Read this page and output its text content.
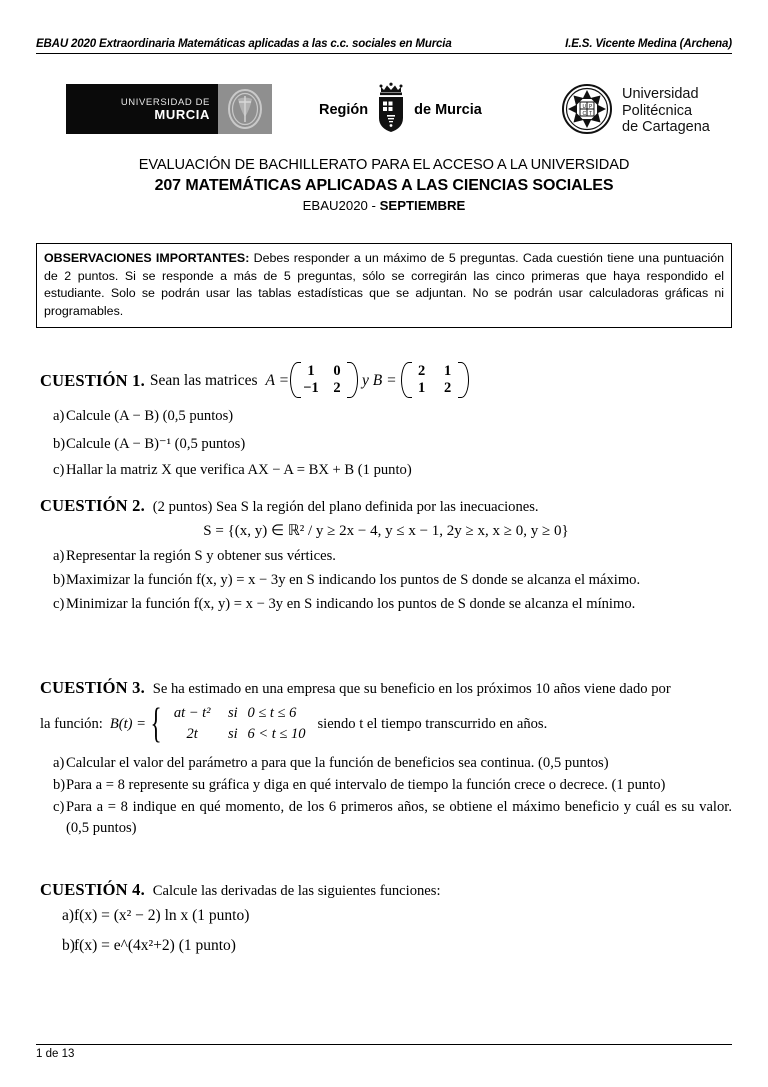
EBAU 2020 Extraordinaria Matemáticas aplicadas a las c.c. sociales en Murcia	I.E.S. Vicente Medina (Archena)
UNIVERSIDAD DE
MURCIA	Región	de Murcia	U P
C T
Universidad
Politécnica
de Cartagena
EVALUACIÓN DE BACHILLERATO PARA EL ACCESO A LA UNIVERSIDAD
207 MATEMÁTICAS APLICADAS A LAS CIENCIAS SOCIALES
EBAU2020 - SEPTIEMBRE
OBSERVACIONES IMPORTANTES: Debes responder a un máximo de 5 preguntas. Cada cuestión tiene una puntuación de 2 puntos. Si se responde a más de 5 preguntas, sólo se corregirán las cinco primeras que haya respondido el estudiante. Solo se podrán usar las tablas estadísticas que se adjuntan. No se podrán usar calculadoras gráficas ni programables.
CUESTIÓN 1. Sean las matrices A =
1	0
−1	2 y B =
2	1
1	2
a) Calcule (A − B) (0,5 puntos)
b) Calcule (A − B)⁻¹ (0,5 puntos)
c) Hallar la matriz X que verifica AX − A = BX + B (1 punto)
CUESTIÓN 2. (2 puntos) Sea S la región del plano definida por las inecuaciones.
S = {(x, y) ∈ ℝ² / y ≥ 2x − 4, y ≤ x − 1, 2y ≥ x, x ≥ 0, y ≥ 0}
a) Representar la región S y obtener sus vértices.
b) Maximizar la función f(x, y) = x − 3y en S indicando los puntos de S donde se alcanza el máximo.
c) Minimizar la función f(x, y) = x − 3y en S indicando los puntos de S donde se alcanza el mínimo.
CUESTIÓN 3. Se ha estimado en una empresa que su beneficio en los próximos 10 años viene dado por
la función: B(t) = { at − t² si 0 ≤ t ≤ 6
2t si 6 < t ≤ 10
siendo t el tiempo transcurrido en años.
a) Calcular el valor del parámetro a para que la función de beneficios sea continua. (0,5 puntos)
b) Para a = 8 represente su gráfica y diga en qué intervalo de tiempo la función crece o decrece. (1 punto)
c) Para a = 8 indique en qué momento, de los 6 primeros años, se obtiene el máximo beneficio y cuál es su valor. (0,5 puntos)
CUESTIÓN 4. Calcule las derivadas de las siguientes funciones:
a) f(x) = (x² − 2) ln x (1 punto)
b) f(x) = e^(4x²+2) (1 punto)
1 de 13
